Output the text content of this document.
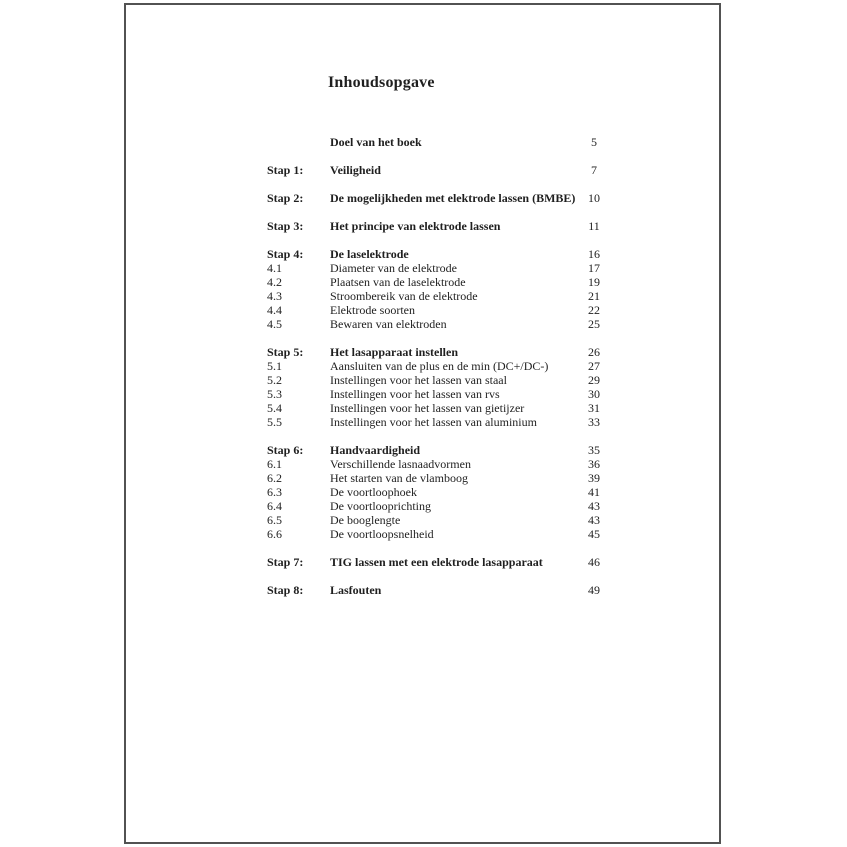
Inhoudsopgave
Doel van het boek	5
Stap 1:	Veiligheid	7
Stap 2:	De mogelijkheden met elektrode lassen (BMBE)	10
Stap 3:	Het principe van elektrode lassen	11
Stap 4:	De laselektrode	16
4.1	Diameter van de elektrode	17
4.2	Plaatsen van de laselektrode	19
4.3	Stroombereik van de elektrode	21
4.4	Elektrode soorten	22
4.5	Bewaren van elektroden	25
Stap 5:	Het lasapparaat instellen	26
5.1	Aansluiten van de plus en de min (DC+/DC-)	27
5.2	Instellingen voor het lassen van staal	29
5.3	Instellingen voor het lassen van rvs	30
5.4	Instellingen voor het lassen van gietijzer	31
5.5	Instellingen voor het lassen van aluminium	33
Stap 6:	Handvaardigheid	35
6.1	Verschillende lasnaadvormen	36
6.2	Het starten van de vlamboog	39
6.3	De voortloophoek	41
6.4	De voortlooprichting	43
6.5	De booglengte	43
6.6	De voortloopsnelheid	45
Stap 7:	TIG lassen met een elektrode lasapparaat	46
Stap 8:	Lasfouten	49
